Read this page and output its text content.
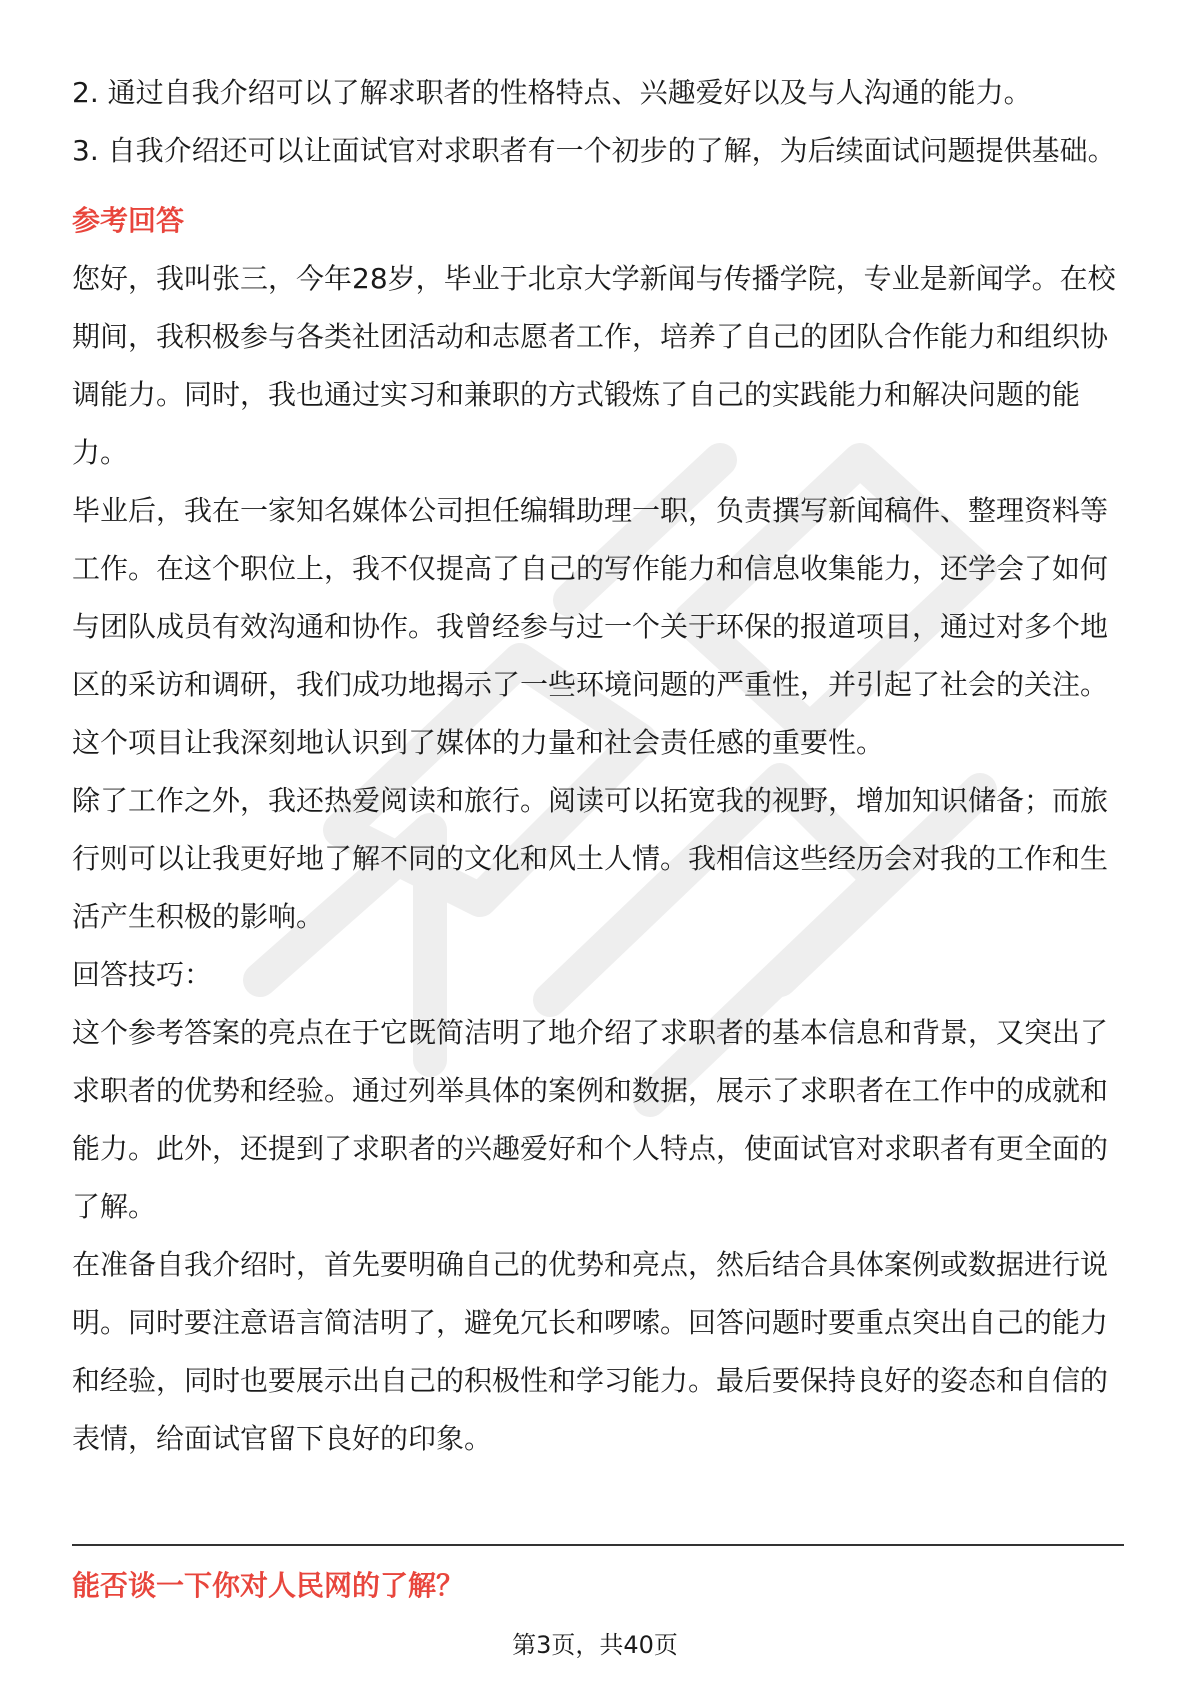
2. 通过自我介绍可以了解求职者的性格特点、兴趣爱好以及与人沟通的能力。

3. 自我介绍还可以让面试官对求职者有一个初步的了解，为后续面试问题提供基础。

参考回答

您好，我叫张三，今年28岁，毕业于北京大学新闻与传播学院，专业是新闻学。在校期间，我积极参与各类社团活动和志愿者工作，培养了自己的团队合作能力和组织协调能力。同时，我也通过实习和兼职的方式锻炼了自己的实践能力和解决问题的能力。

毕业后，我在一家知名媒体公司担任编辑助理一职，负责撰写新闻稿件、整理资料等工作。在这个职位上，我不仅提高了自己的写作能力和信息收集能力，还学会了如何与团队成员有效沟通和协作。我曾经参与过一个关于环保的报道项目，通过对多个地区的采访和调研，我们成功地揭示了一些环境问题的严重性，并引起了社会的关注。这个项目让我深刻地认识到了媒体的力量和社会责任感的重要性。

除了工作之外，我还热爱阅读和旅行。阅读可以拓宽我的视野，增加知识储备；而旅行则可以让我更好地了解不同的文化和风土人情。我相信这些经历会对我的工作和生活产生积极的影响。

回答技巧：

这个参考答案的亮点在于它既简洁明了地介绍了求职者的基本信息和背景，又突出了求职者的优势和经验。通过列举具体的案例和数据，展示了求职者在工作中的成就和能力。此外，还提到了求职者的兴趣爱好和个人特点，使面试官对求职者有更全面的了解。

在准备自我介绍时，首先要明确自己的优势和亮点，然后结合具体案例或数据进行说明。同时要注意语言简洁明了，避免冗长和啰嗦。回答问题时要重点突出自己的能力和经验，同时也要展示出自己的积极性和学习能力。最后要保持良好的姿态和自信的表情，给面试官留下良好的印象。

能否谈一下你对人民网的了解？
第3页，共40页
